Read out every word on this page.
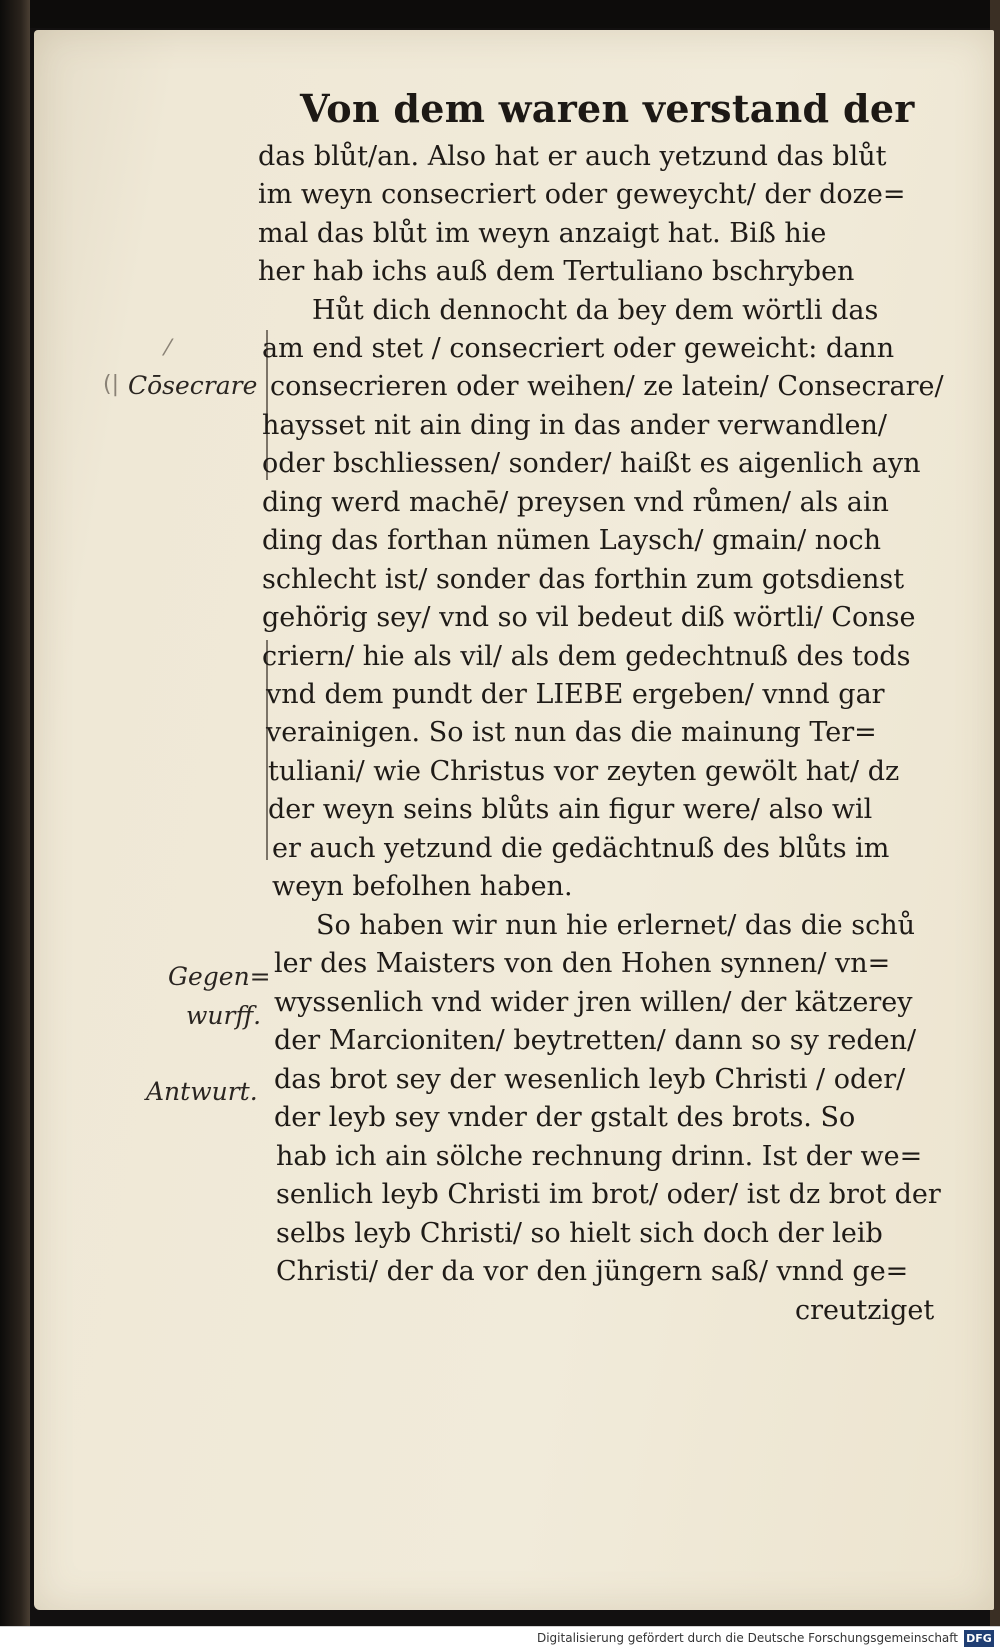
Von dem waren verstand der
⁄
(| Cōsecrare
Gegen=
wurff.
Antwurt.
das blůt/an. Also hat er auch yetzund das blůt
im weyn consecriert oder geweycht/ der doze=
mal das blůt im weyn anzaigt hat. Biß hie
her hab ichs auß dem Tertuliano bschryben
Hůt dich dennocht da bey dem wörtli das
am end stet / consecriert oder geweicht: dann
consecrieren oder weihen/ ze latein/ Consecrare/
haysset nit ain ding in das ander verwandlen/
oder bschliessen/ sonder/ haißt es aigenlich ayn
ding werd machē/ preysen vnd růmen/ als ain
ding das forthan nümen Laysch/ gmain/ noch
schlecht ist/ sonder das forthin zum gotsdienst
gehörig sey/ vnd so vil bedeut diß wörtli/ Conse
criern/ hie als vil/ als dem gedechtnuß des tods
vnd dem pundt der LIEBE ergeben/ vnnd gar
verainigen. So ist nun das die mainung Ter=
tuliani/ wie Christus vor zeyten gewölt hat/ dz
der weyn seins blůts ain figur were/ also wil
er auch yetzund die gedächtnuß des blůts im
weyn befolhen haben.
So haben wir nun hie erlernet/ das die schů
ler des Maisters von den Hohen synnen/ vn=
wyssenlich vnd wider jren willen/ der kätzerey
der Marcioniten/ beytretten/ dann so sy reden/
das brot sey der wesenlich leyb Christi / oder/
der leyb sey vnder der gstalt des brots. So
hab ich ain sölche rechnung drinn. Ist der we=
senlich leyb Christi im brot/ oder/ ist dz brot der
selbs leyb Christi/ so hielt sich doch der leib
Christi/ der da vor den jüngern saß/ vnnd ge=
creutziget
Digitalisierung gefördert durch die Deutsche Forschungsgemeinschaft DFG
